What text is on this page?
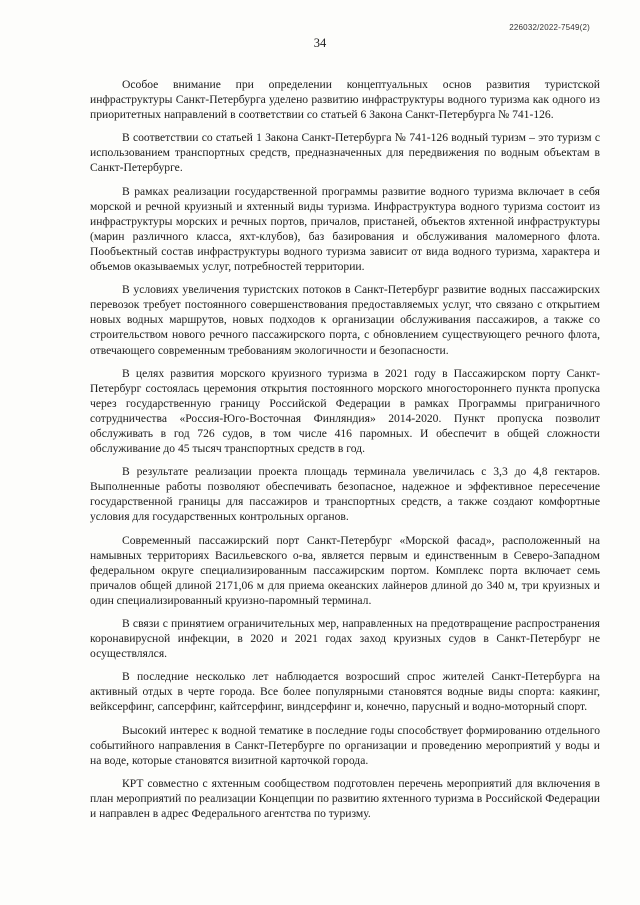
226032/2022-7549(2)
34

Особое внимание при определении концептуальных основ развития туристской инфраструктуры Санкт-Петербурга уделено развитию инфраструктуры водного туризма как одного из приоритетных направлений в соответствии со статьей 6 Закона Санкт-Петербурга № 741-126.

В соответствии со статьей 1 Закона Санкт-Петербурга № 741-126 водный туризм – это туризм с использованием транспортных средств, предназначенных для передвижения по водным объектам в Санкт-Петербурге.

В рамках реализации государственной программы развитие водного туризма включает в себя морской и речной круизный и яхтенный виды туризма. Инфраструктура водного туризма состоит из инфраструктуры морских и речных портов, причалов, пристаней, объектов яхтенной инфраструктуры (марин различного класса, яхт-клубов), баз базирования и обслуживания маломерного флота. Пообъектный состав инфраструктуры водного туризма зависит от вида водного туризма, характера и объемов оказываемых услуг, потребностей территории.

В условиях увеличения туристских потоков в Санкт-Петербург развитие водных пассажирских перевозок требует постоянного совершенствования предоставляемых услуг, что связано с открытием новых водных маршрутов, новых подходов к организации обслуживания пассажиров, а также со строительством нового речного пассажирского порта, с обновлением существующего речного флота, отвечающего современным требованиям экологичности и безопасности.

В целях развития морского круизного туризма в 2021 году в Пассажирском порту Санкт-Петербург состоялась церемония открытия постоянного морского многостороннего пункта пропуска через государственную границу Российской Федерации в рамках Программы приграничного сотрудничества «Россия-Юго-Восточная Финляндия» 2014-2020. Пункт пропуска позволит обслуживать в год 726 судов, в том числе 416 паромных. И обеспечит в общей сложности обслуживание до 45 тысяч транспортных средств в год.

В результате реализации проекта площадь терминала увеличилась с 3,3 до 4,8 гектаров. Выполненные работы позволяют обеспечивать безопасное, надежное и эффективное пересечение государственной границы для пассажиров и транспортных средств, а также создают комфортные условия для государственных контрольных органов.

Современный пассажирский порт Санкт-Петербург «Морской фасад», расположенный на намывных территориях Васильевского о-ва, является первым и единственным в Северо-Западном федеральном округе специализированным пассажирским портом. Комплекс порта включает семь причалов общей длиной 2171,06 м для приема океанских лайнеров длиной до 340 м, три круизных и один специализированный круизно-паромный терминал.

В связи с принятием ограничительных мер, направленных на предотвращение распространения коронавирусной инфекции, в 2020 и 2021 годах заход круизных судов в Санкт-Петербург не осуществлялся.

В последние несколько лет наблюдается возросший спрос жителей Санкт-Петербурга на активный отдых в черте города. Все более популярными становятся водные виды спорта: каякинг, вейксерфинг, сапсерфинг, кайтсерфинг, виндсерфинг и, конечно, парусный и водно-моторный спорт.

Высокий интерес к водной тематике в последние годы способствует формированию отдельного событийного направления в Санкт-Петербурге по организации и проведению мероприятий у воды и на воде, которые становятся визитной карточкой города.

КРТ совместно с яхтенным сообществом подготовлен перечень мероприятий для включения в план мероприятий по реализации Концепции по развитию яхтенного туризма в Российской Федерации и направлен в адрес Федерального агентства по туризму.
